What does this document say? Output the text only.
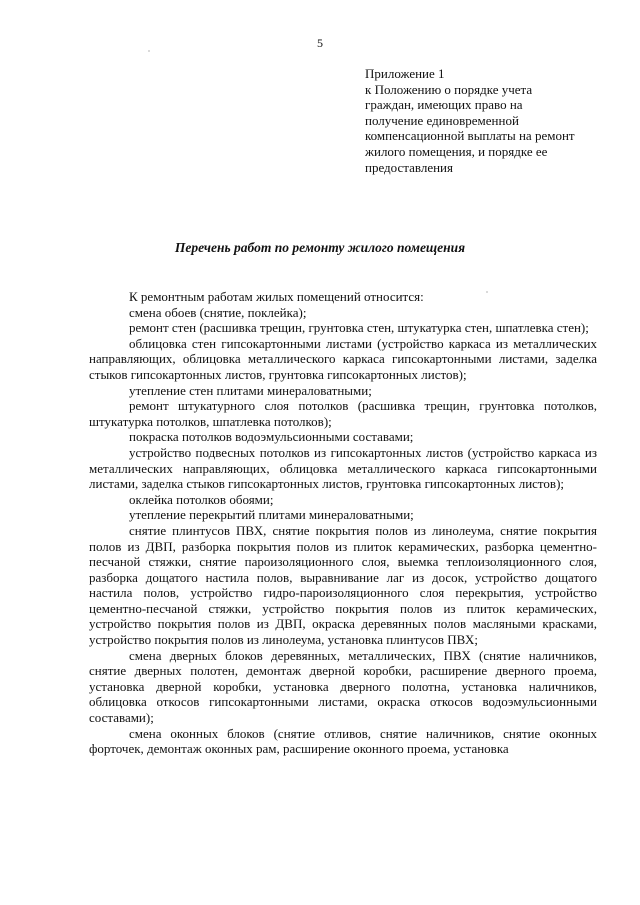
5
Приложение 1
к Положению о порядке учета
граждан, имеющих право на
получение единовременной
компенсационной выплаты на ремонт
жилого помещения, и порядке ее
предоставления
Перечень работ по ремонту жилого помещения

К ремонтным работам жилых помещений относится:

смена обоев (снятие, поклейка);

ремонт стен (расшивка трещин, грунтовка стен, штукатурка стен, шпатлевка стен);

облицовка стен гипсокартонными листами (устройство каркаса из металлических направляющих, облицовка металлического каркаса гипсокартонными листами, заделка стыков гипсокартонных листов, грунтовка гипсокартонных листов);

утепление стен плитами минераловатными;

ремонт штукатурного слоя потолков (расшивка трещин, грунтовка потолков, штукатурка потолков, шпатлевка потолков);

покраска потолков водоэмульсионными составами;

устройство подвесных потолков из гипсокартонных листов (устройство каркаса из металлических направляющих, облицовка металлического каркаса гипсокартонными листами, заделка стыков гипсокартонных листов, грунтовка гипсокартонных листов);

оклейка потолков обоями;

утепление перекрытий плитами минераловатными;

снятие плинтусов ПВХ, снятие покрытия полов из линолеума, снятие покрытия полов из ДВП, разборка покрытия полов из плиток керамических, разборка цементно-песчаной стяжки, снятие пароизоляционного слоя, выемка теплоизоляционного слоя, разборка дощатого настила полов, выравнивание лаг из досок, устройство дощатого настила полов, устройство гидро-пароизоляционного слоя перекрытия, устройство цементно-песчаной стяжки, устройство покрытия полов из плиток керамических, устройство покрытия полов из ДВП, окраска деревянных полов масляными красками, устройство покрытия полов из линолеума, установка плинтусов ПВХ;

смена дверных блоков деревянных, металлических, ПВХ (снятие наличников, снятие дверных полотен, демонтаж дверной коробки, расширение дверного проема, установка дверной коробки, установка дверного полотна, установка наличников, облицовка откосов гипсокартонными листами, окраска откосов водоэмульсионными составами);

смена оконных блоков (снятие отливов, снятие наличников, снятие оконных форточек, демонтаж оконных рам, расширение оконного проема, установка
